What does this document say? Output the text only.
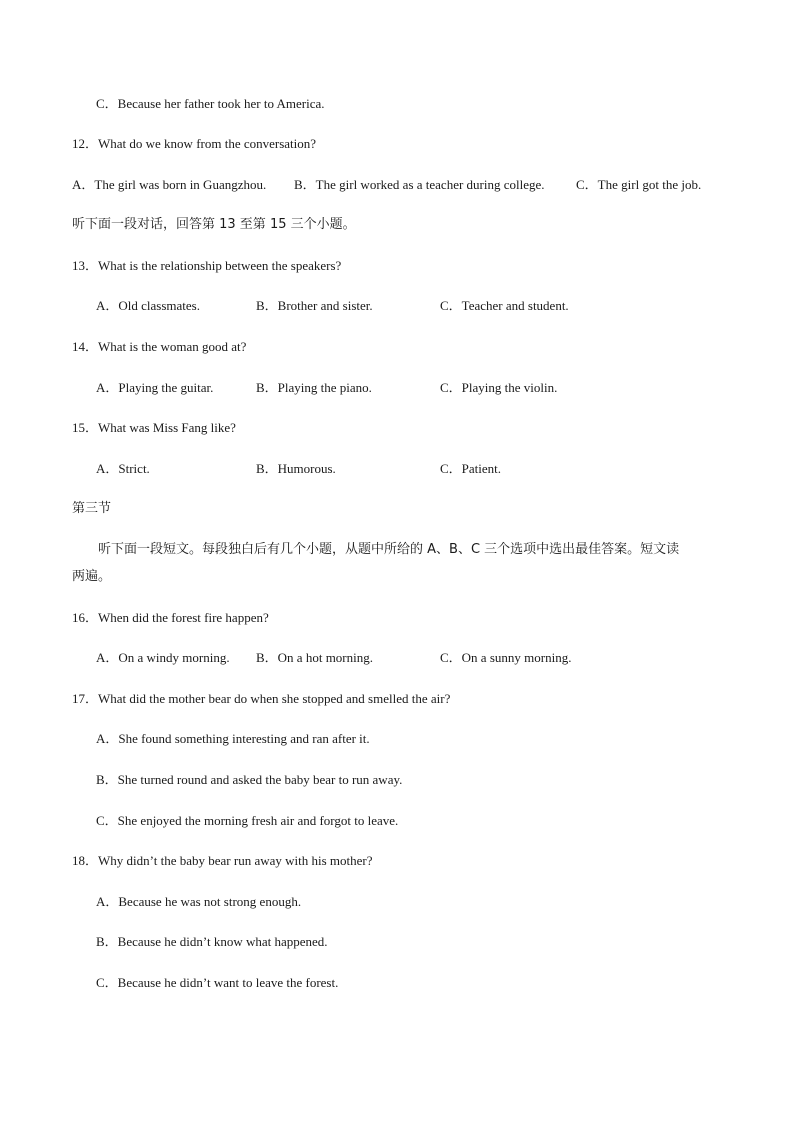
C．Because her father took her to America.

12．What do we know from the conversation?

A．The girl was born in Guangzhou. B．The girl worked as a teacher during college. C．The girl got the job.

听下面一段对话，回答第 13 至第 15 三个小题。

13．What is the relationship between the speakers?

A．Old classmates.	B．Brother and sister.	C．Teacher and student.

14．What is the woman good at?

A．Playing the guitar.	B．Playing the piano.	C．Playing the violin.

15．What was Miss Fang like?

A．Strict.	B．Humorous.	C．Patient.

第三节

听下面一段短文。每段独白后有几个小题，从题中所给的 A、B、C 三个选项中选出最佳答案。短文读

两遍。

16．When did the forest fire happen?

A．On a windy morning. B．On a hot morning.	C．On a sunny morning.

17．What did the mother bear do when she stopped and smelled the air?

A．She found something interesting and ran after it.

B．She turned round and asked the baby bear to run away.

C．She enjoyed the morning fresh air and forgot to leave.

18．Why didn’t the baby bear run away with his mother?

A．Because he was not strong enough.

B．Because he didn’t know what happened.

C．Because he didn’t want to leave the forest.
